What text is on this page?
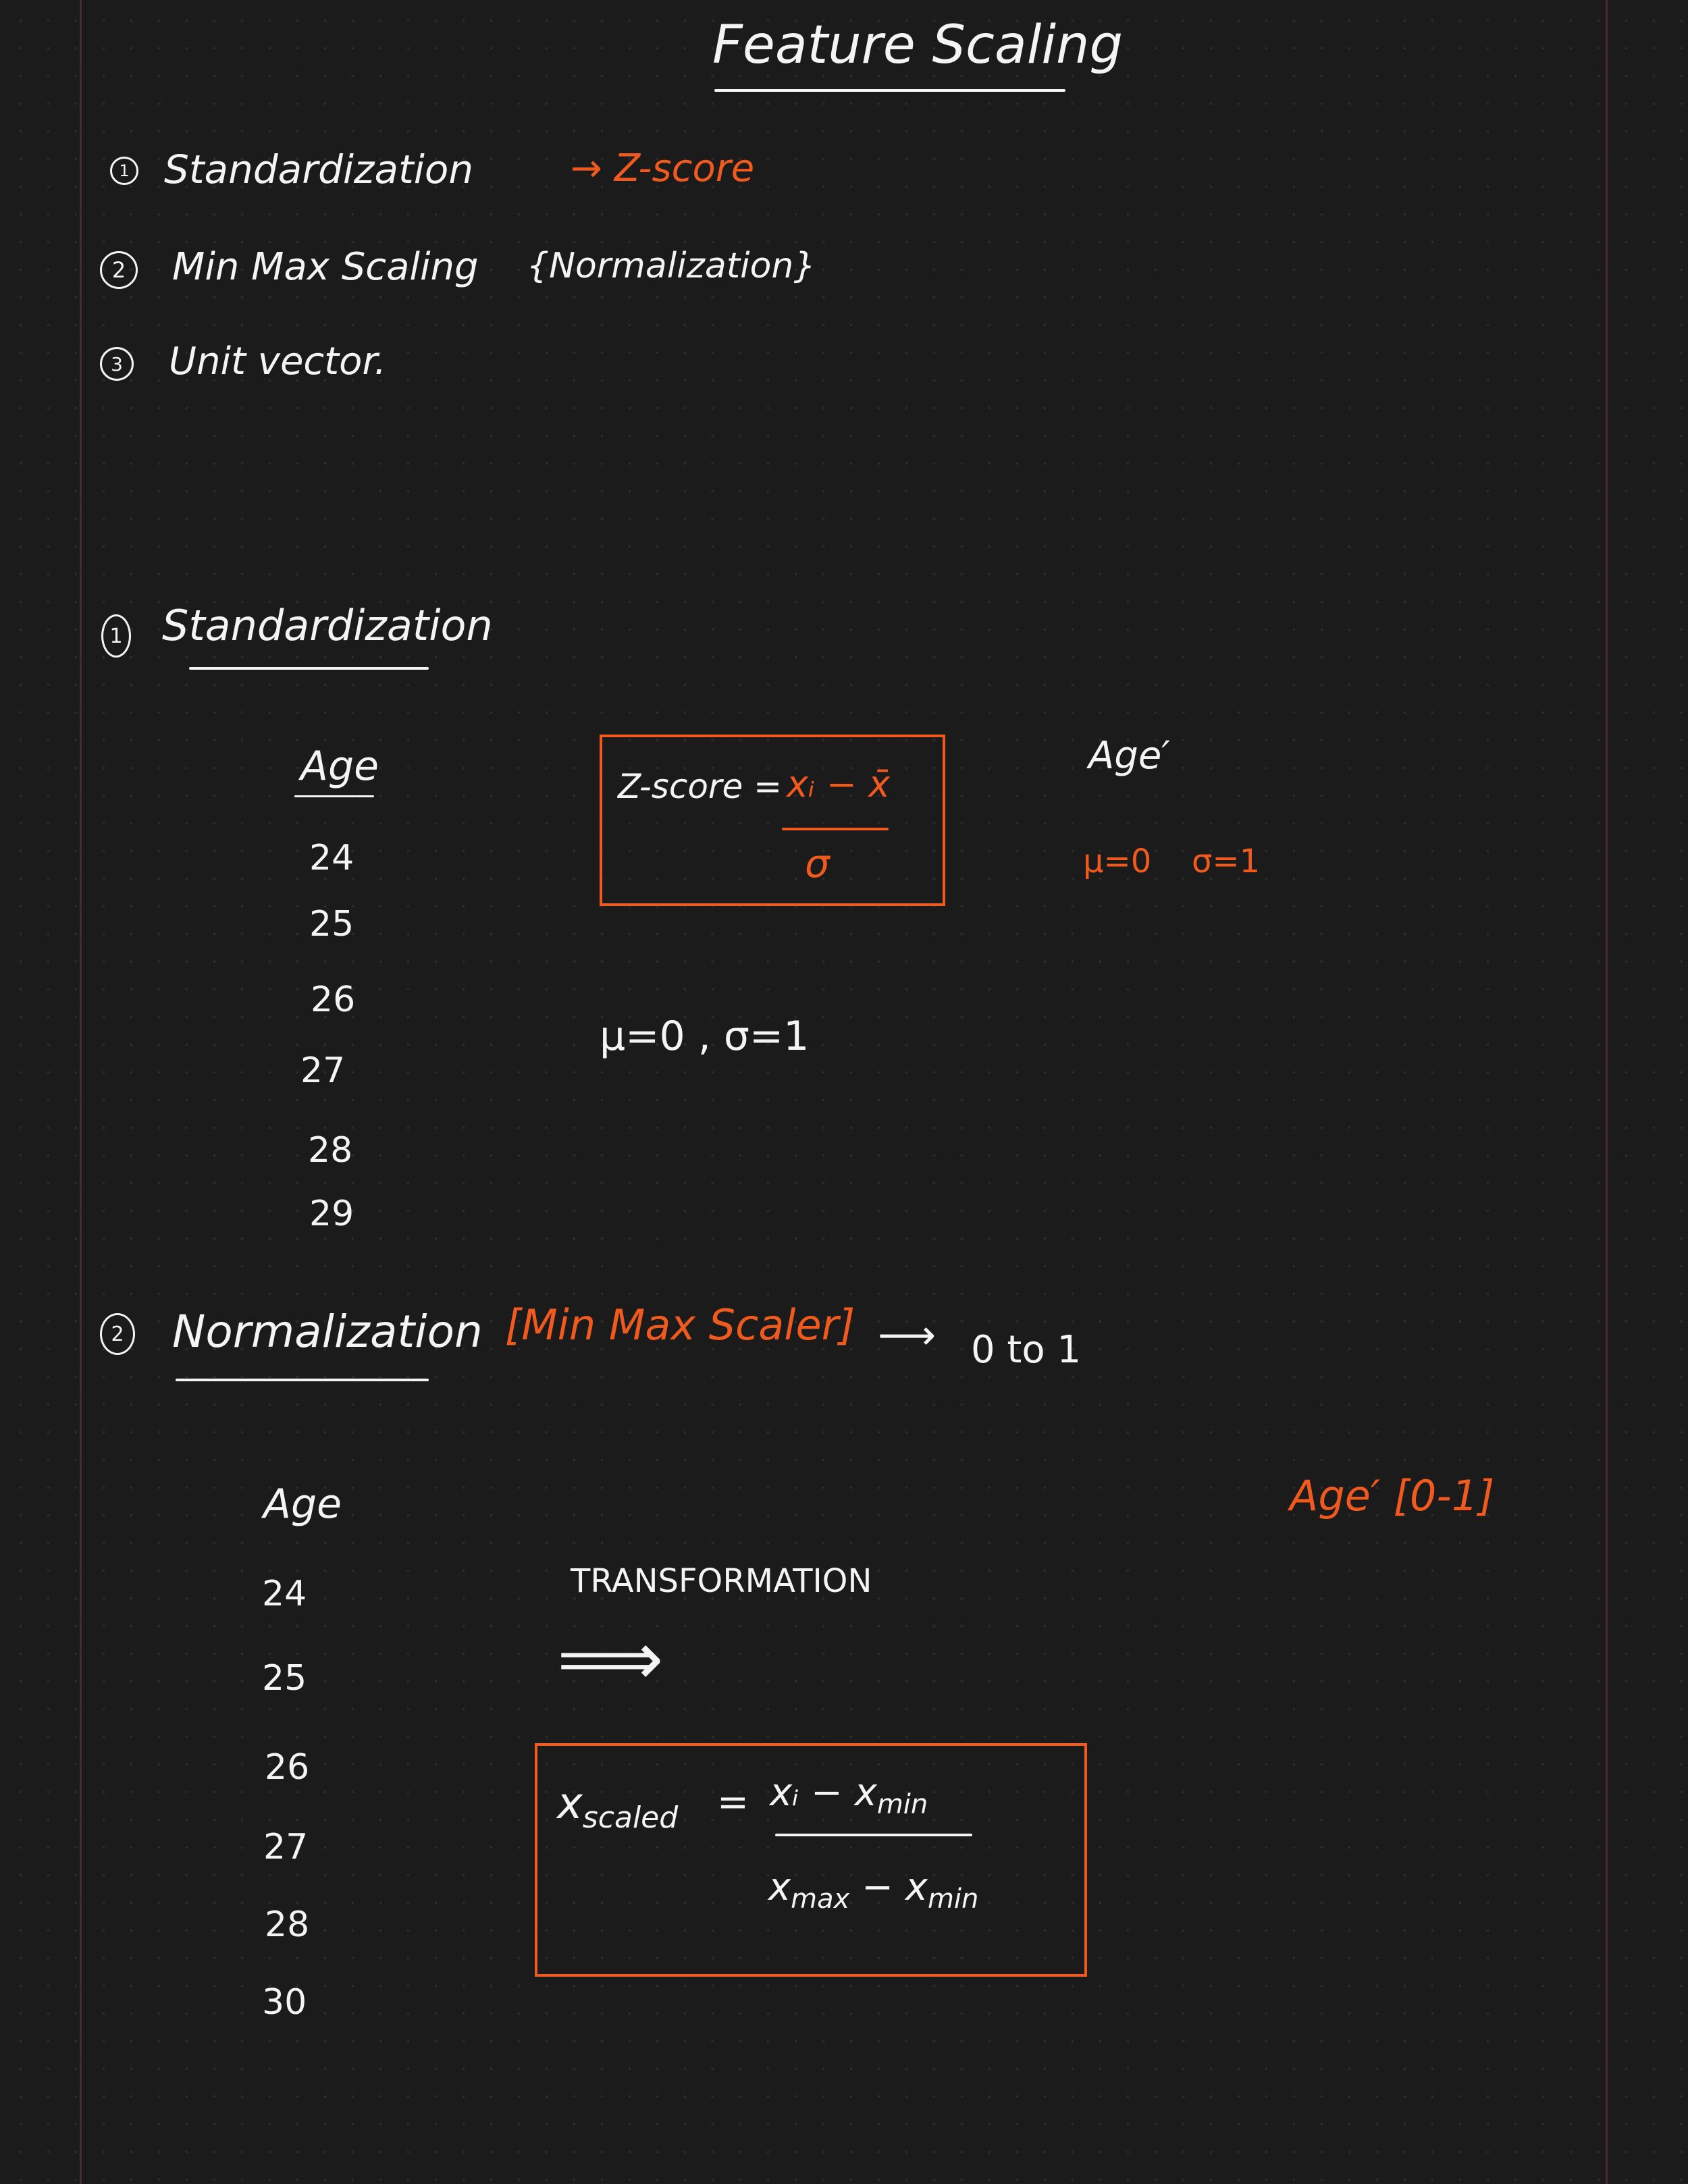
Feature Scaling
1 Standardization	→ Z-score
2 Min Max Scaling {Normalization}
3 Unit vector.
1 Standardization
Age
24
25
26
27
28
29
Z-score = xᵢ − x̄
σ
μ=0 , σ=1
Age′
μ=0 σ=1
2 Normalization [Min Max Scaler] ⟶ 0 to 1
Age
24
25
26
27
28
30
TRANSFORMATION
⟹
$x_{scaled}$ = xᵢ − $x_{min}$
$x_{max} - x_{min}$
Age′ [0-1]
